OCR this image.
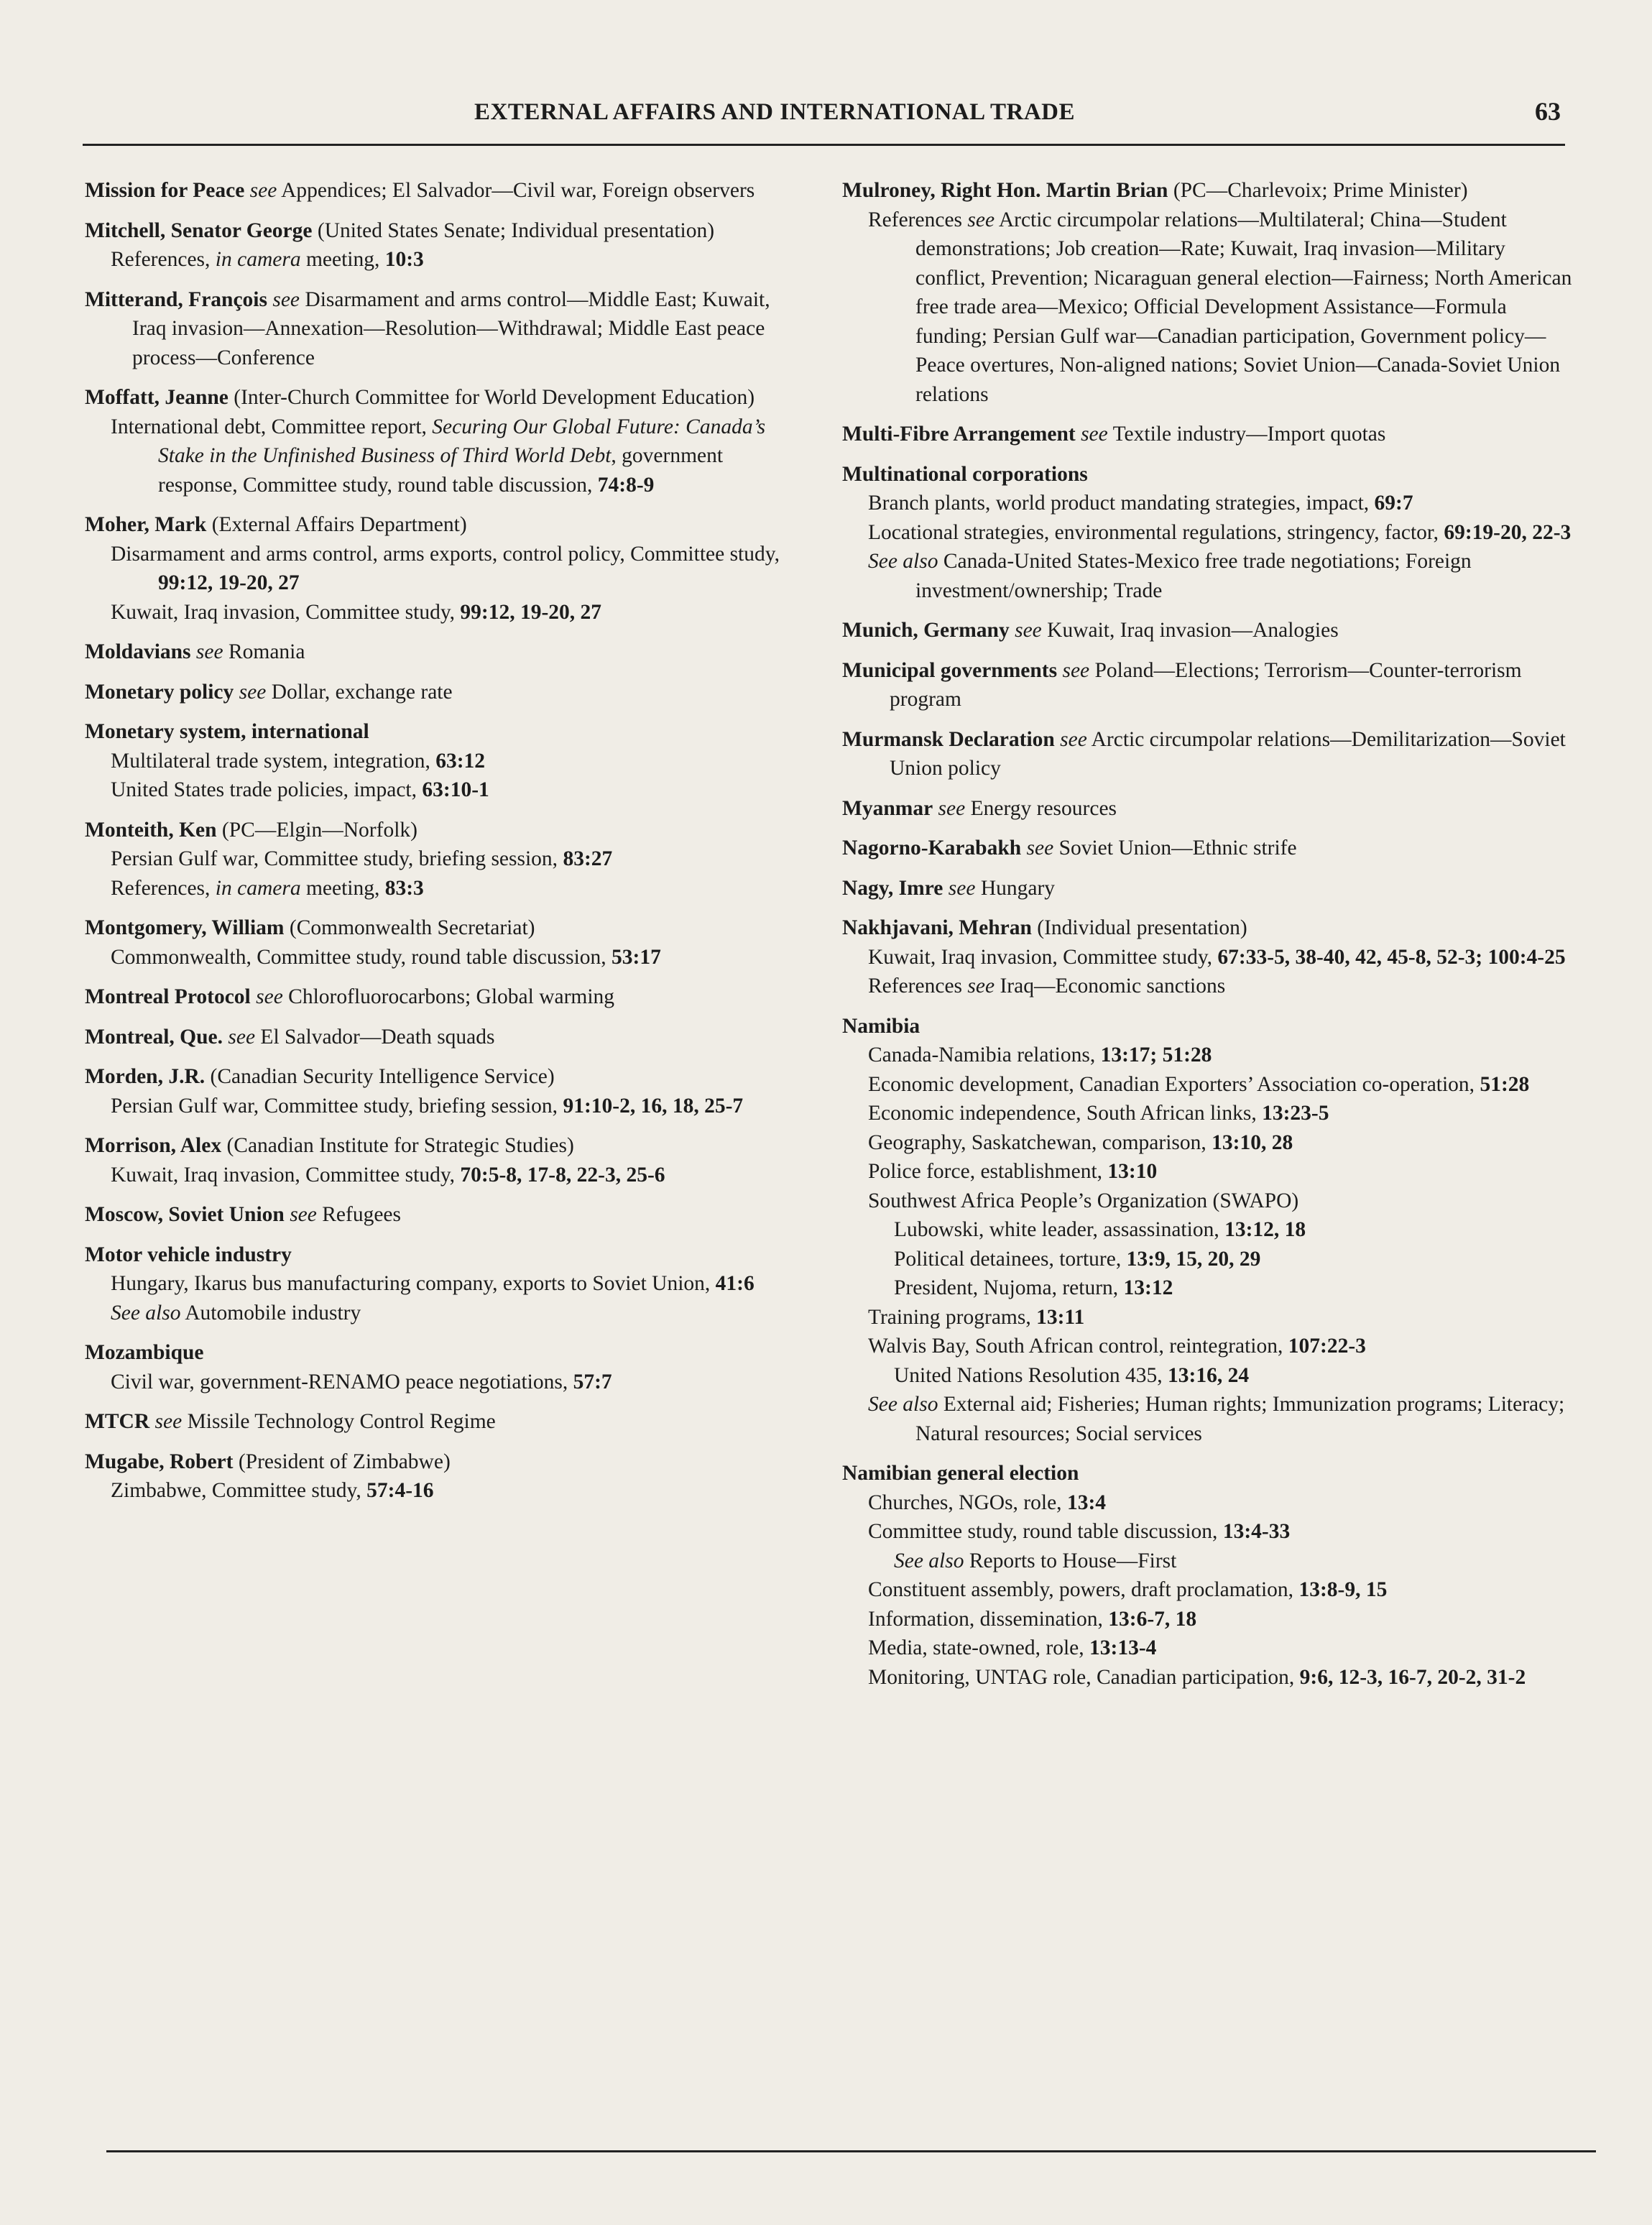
EXTERNAL AFFAIRS AND INTERNATIONAL TRADE	63
Mission for Peace see Appendices; El Salvador—Civil war, Foreign observers
Mitchell, Senator George (United States Senate; Individual presentation)
References, in camera meeting, 10:3
Mitterand, François see Disarmament and arms control—Middle East; Kuwait, Iraq invasion—Annexation—Resolution—Withdrawal; Middle East peace process—Conference
Moffatt, Jeanne (Inter-Church Committee for World Development Education)
International debt, Committee report, Securing Our Global Future: Canada’s Stake in the Unfinished Business of Third World Debt, government response, Committee study, round table discussion, 74:8-9
Moher, Mark (External Affairs Department)
Disarmament and arms control, arms exports, control policy, Committee study, 99:12, 19-20, 27
Kuwait, Iraq invasion, Committee study, 99:12, 19-20, 27
Moldavians see Romania
Monetary policy see Dollar, exchange rate
Monetary system, international
Multilateral trade system, integration, 63:12
United States trade policies, impact, 63:10-1
Monteith, Ken (PC—Elgin—Norfolk)
Persian Gulf war, Committee study, briefing session, 83:27
References, in camera meeting, 83:3
Montgomery, William (Commonwealth Secretariat)
Commonwealth, Committee study, round table discussion, 53:17
Montreal Protocol see Chlorofluorocarbons; Global warming
Montreal, Que. see El Salvador—Death squads
Morden, J.R. (Canadian Security Intelligence Service)
Persian Gulf war, Committee study, briefing session, 91:10-2, 16, 18, 25-7
Morrison, Alex (Canadian Institute for Strategic Studies)
Kuwait, Iraq invasion, Committee study, 70:5-8, 17-8, 22-3, 25-6
Moscow, Soviet Union see Refugees
Motor vehicle industry
Hungary, Ikarus bus manufacturing company, exports to Soviet Union, 41:6
See also Automobile industry
Mozambique
Civil war, government-RENAMO peace negotiations, 57:7
MTCR see Missile Technology Control Regime
Mugabe, Robert (President of Zimbabwe)
Zimbabwe, Committee study, 57:4-16
Mulroney, Right Hon. Martin Brian (PC—Charlevoix; Prime Minister)
References see Arctic circumpolar relations—Multilateral; China—Student demonstrations; Job creation—Rate; Kuwait, Iraq invasion—Military conflict, Prevention; Nicaraguan general election—Fairness; North American free trade area—Mexico; Official Development Assistance—Formula funding; Persian Gulf war—Canadian participation, Government policy—Peace overtures, Non-aligned nations; Soviet Union—Canada-Soviet Union relations
Multi-Fibre Arrangement see Textile industry—Import quotas
Multinational corporations
Branch plants, world product mandating strategies, impact, 69:7
Locational strategies, environmental regulations, stringency, factor, 69:19-20, 22-3
See also Canada-United States-Mexico free trade negotiations; Foreign investment/ownership; Trade
Munich, Germany see Kuwait, Iraq invasion—Analogies
Municipal governments see Poland—Elections; Terrorism—Counter-terrorism program
Murmansk Declaration see Arctic circumpolar relations—Demilitarization—Soviet Union policy
Myanmar see Energy resources
Nagorno-Karabakh see Soviet Union—Ethnic strife
Nagy, Imre see Hungary
Nakhjavani, Mehran (Individual presentation)
Kuwait, Iraq invasion, Committee study, 67:33-5, 38-40, 42, 45-8, 52-3; 100:4-25
References see Iraq—Economic sanctions
Namibia
Canada-Namibia relations, 13:17; 51:28
Economic development, Canadian Exporters’ Association co-operation, 51:28
Economic independence, South African links, 13:23-5
Geography, Saskatchewan, comparison, 13:10, 28
Police force, establishment, 13:10
Southwest Africa People’s Organization (SWAPO)
Lubowski, white leader, assassination, 13:12, 18
Political detainees, torture, 13:9, 15, 20, 29
President, Nujoma, return, 13:12
Training programs, 13:11
Walvis Bay, South African control, reintegration, 107:22-3
United Nations Resolution 435, 13:16, 24
See also External aid; Fisheries; Human rights; Immunization programs; Literacy; Natural resources; Social services
Namibian general election
Churches, NGOs, role, 13:4
Committee study, round table discussion, 13:4-33
See also Reports to House—First
Constituent assembly, powers, draft proclamation, 13:8-9, 15
Information, dissemination, 13:6-7, 18
Media, state-owned, role, 13:13-4
Monitoring, UNTAG role, Canadian participation, 9:6, 12-3, 16-7, 20-2, 31-2
